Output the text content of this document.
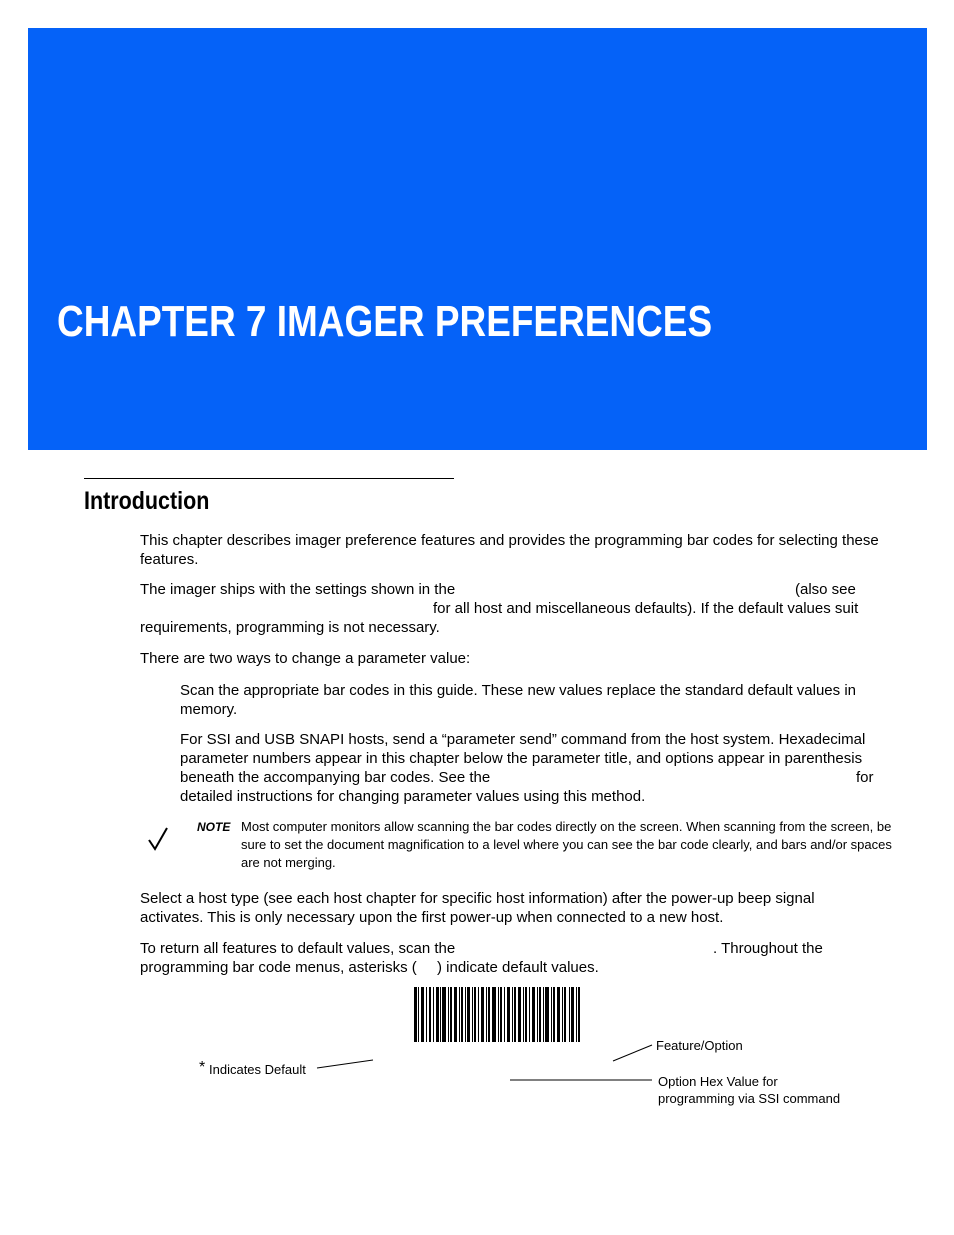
CHAPTER 7 IMAGER PREFERENCES
Introduction

This chapter describes imager preference features and provides the programming bar codes for selecting these features.

The imager ships with the settings shown in the	(also see
for all host and miscellaneous defaults). If the default values suit
requirements, programming is not necessary.

There are two ways to change a parameter value:

Scan the appropriate bar codes in this guide. These new values replace the standard default values in memory.

For SSI and USB SNAPI hosts, send a “parameter send” command from the host system. Hexadecimal parameter numbers appear in this chapter below the parameter title, and options appear in parenthesis

beneath the accompanying bar codes. See the	for
detailed instructions for changing parameter values using this method.
NOTE Most computer monitors allow scanning the bar codes directly on the screen. When scanning from the screen, be sure to set the document magnification to a level where you can see the bar code clearly, and bars and/or spaces are not merging.

Select a host type (see each host chapter for specific host information) after the power-up beep signal activates. This is only necessary upon the first power-up when connected to a new host.

To return all features to default values, scan the	. Throughout the
programming bar code menus, asterisks ( ) indicate default values.
* Indicates Default
Feature/Option
Option Hex Value for
programming via SSI command
